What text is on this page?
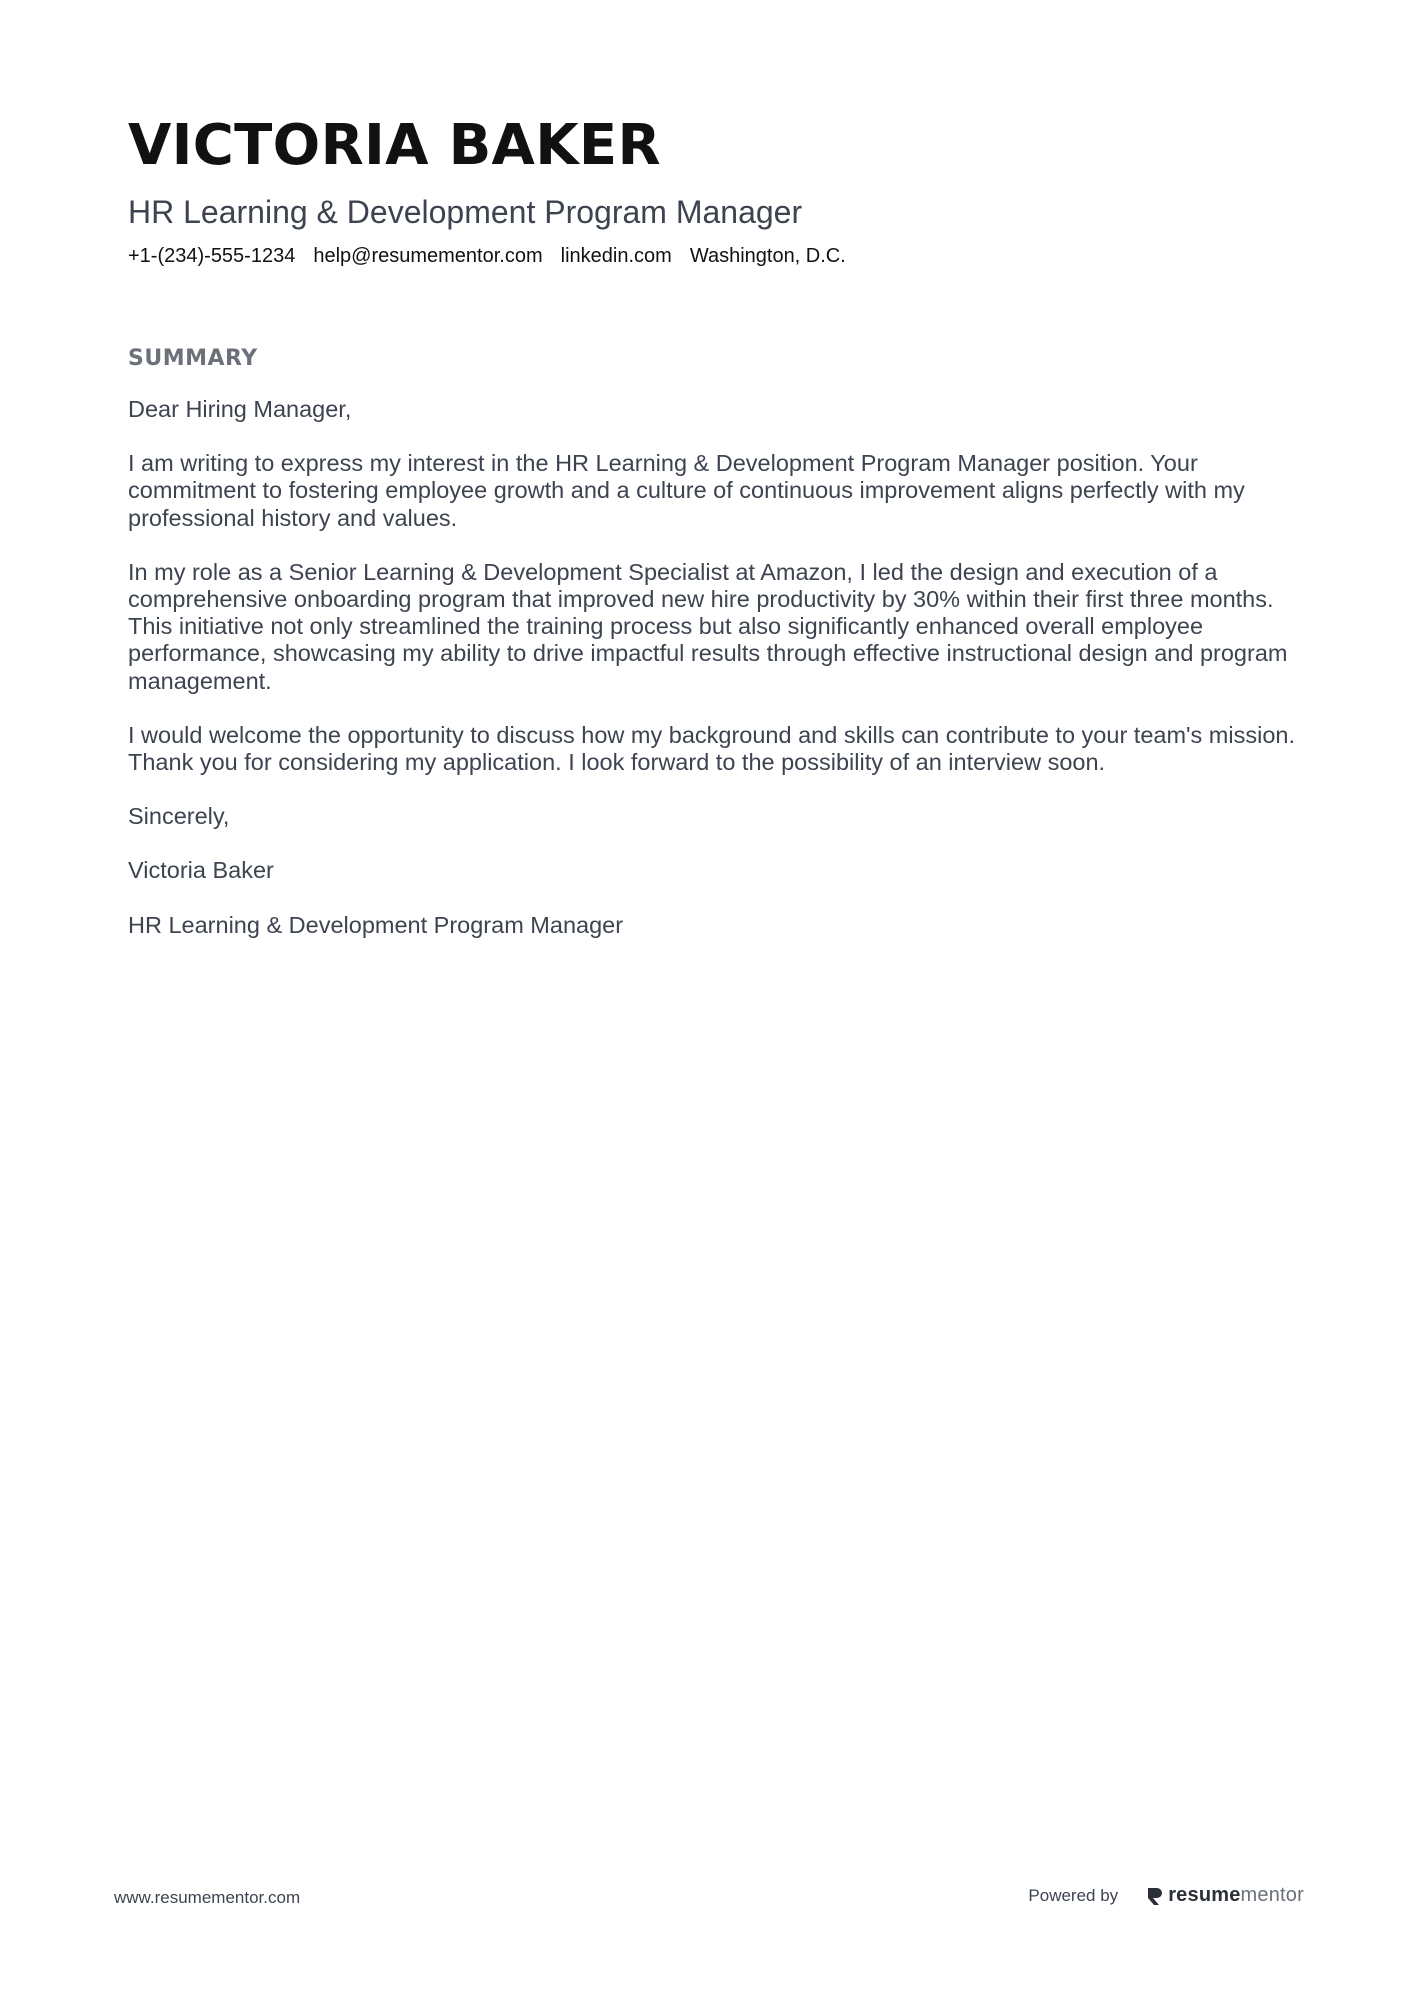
VICTORIA BAKER
HR Learning & Development Program Manager
+1-(234)-555-1234 help@resumementor.com linkedin.com Washington, D.C.
SUMMARY

Dear Hiring Manager,

I am writing to express my interest in the HR Learning & Development Program Manager position. Your commitment to fostering employee growth and a culture of continuous improvement aligns perfectly with my professional history and values.

In my role as a Senior Learning & Development Specialist at Amazon, I led the design and execution of a comprehensive onboarding program that improved new hire productivity by 30% within their first three months. This initiative not only streamlined the training process but also significantly enhanced overall employee performance, showcasing my ability to drive impactful results through effective instructional design and program management.

I would welcome the opportunity to discuss how my background and skills can contribute to your team's mission. Thank you for considering my application. I look forward to the possibility of an interview soon.

Sincerely,

Victoria Baker

HR Learning & Development Program Manager

www.resumementor.com	Powered by	resumementor
